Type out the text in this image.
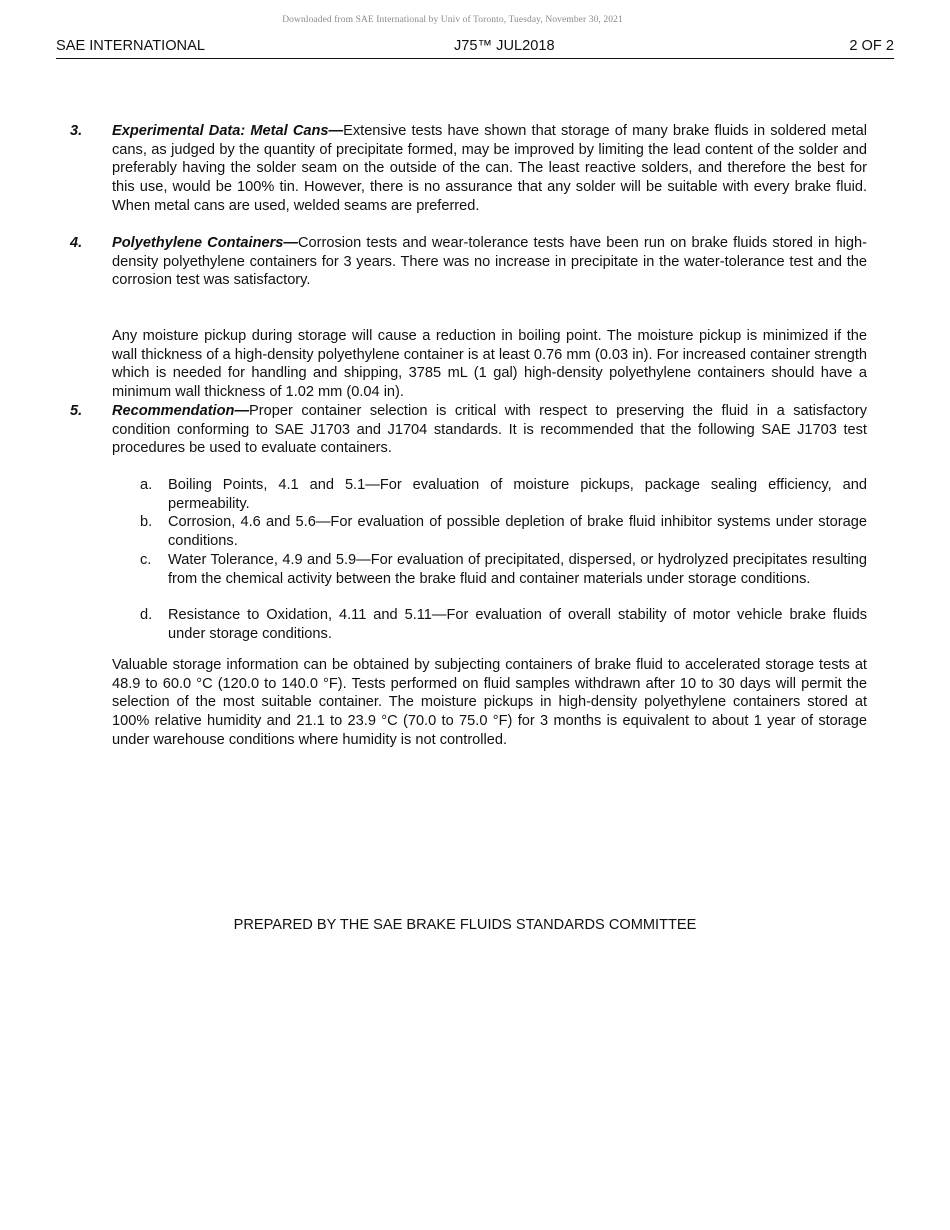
Downloaded from SAE International by Univ of Toronto, Tuesday, November 30, 2021
SAE INTERNATIONAL	J75™ JUL2018	2 OF 2
3. Experimental Data: Metal Cans—Extensive tests have shown that storage of many brake fluids in soldered metal cans, as judged by the quantity of precipitate formed, may be improved by limiting the lead content of the solder and preferably having the solder seam on the outside of the can. The least reactive solders, and therefore the best for this use, would be 100% tin. However, there is no assurance that any solder will be suitable with every brake fluid. When metal cans are used, welded seams are preferred.
4. Polyethylene Containers—Corrosion tests and wear-tolerance tests have been run on brake fluids stored in high-density polyethylene containers for 3 years. There was no increase in precipitate in the water-tolerance test and the corrosion test was satisfactory.
Any moisture pickup during storage will cause a reduction in boiling point. The moisture pickup is minimized if the wall thickness of a high-density polyethylene container is at least 0.76 mm (0.03 in). For increased container strength which is needed for handling and shipping, 3785 mL (1 gal) high-density polyethylene containers should have a minimum wall thickness of 1.02 mm (0.04 in).
5. Recommendation—Proper container selection is critical with respect to preserving the fluid in a satisfactory condition conforming to SAE J1703 and J1704 standards. It is recommended that the following SAE J1703 test procedures be used to evaluate containers.
a. Boiling Points, 4.1 and 5.1—For evaluation of moisture pickups, package sealing efficiency, and permeability.
b. Corrosion, 4.6 and 5.6—For evaluation of possible depletion of brake fluid inhibitor systems under storage conditions.
c. Water Tolerance, 4.9 and 5.9—For evaluation of precipitated, dispersed, or hydrolyzed precipitates resulting from the chemical activity between the brake fluid and container materials under storage conditions.
d. Resistance to Oxidation, 4.11 and 5.11—For evaluation of overall stability of motor vehicle brake fluids under storage conditions.
Valuable storage information can be obtained by subjecting containers of brake fluid to accelerated storage tests at 48.9 to 60.0 °C (120.0 to 140.0 °F). Tests performed on fluid samples withdrawn after 10 to 30 days will permit the selection of the most suitable container. The moisture pickups in high-density polyethylene containers stored at 100% relative humidity and 21.1 to 23.9 °C (70.0 to 75.0 °F) for 3 months is equivalent to about 1 year of storage under warehouse conditions where humidity is not controlled.
PREPARED BY THE SAE BRAKE FLUIDS STANDARDS COMMITTEE
